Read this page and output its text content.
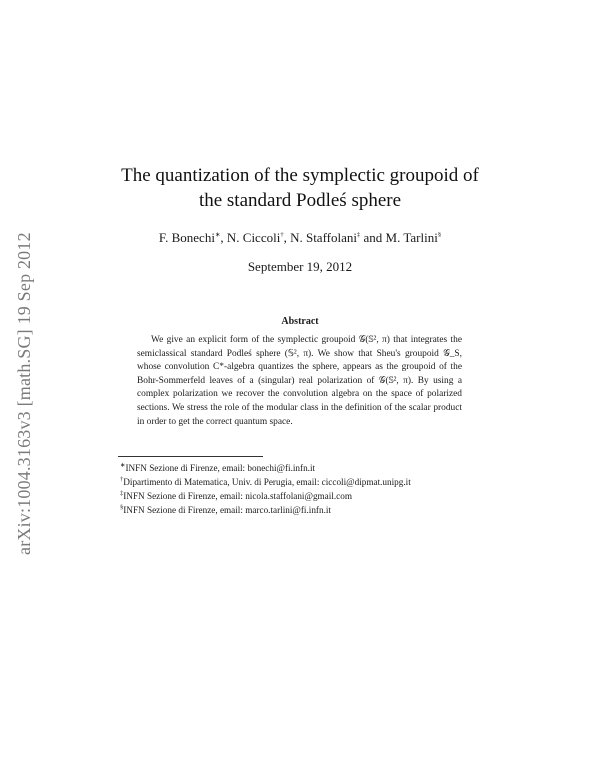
arXiv:1004.3163v3 [math.SG] 19 Sep 2012
The quantization of the symplectic groupoid of
the standard Podleś sphere
F. Bonechi∗, N. Ciccoli†, N. Staffolani‡ and M. Tarlini§
September 19, 2012
Abstract
We give an explicit form of the symplectic groupoid 𝒢(𝕊², π) that integrates the semiclassical standard Podleś sphere (𝕊², π). We show that Sheu's groupoid 𝒢_S, whose convolution C*-algebra quantizes the sphere, appears as the groupoid of the Bohr-Sommerfeld leaves of a (singular) real polarization of 𝒢(𝕊², π). By using a complex polarization we recover the convolution algebra on the space of polarized sections. We stress the role of the modular class in the definition of the scalar product in order to get the correct quantum space.
∗INFN Sezione di Firenze, email: bonechi@fi.infn.it
†Dipartimento di Matematica, Univ. di Perugia, email: ciccoli@dipmat.unipg.it
‡INFN Sezione di Firenze, email: nicola.staffolani@gmail.com
§INFN Sezione di Firenze, email: marco.tarlini@fi.infn.it
